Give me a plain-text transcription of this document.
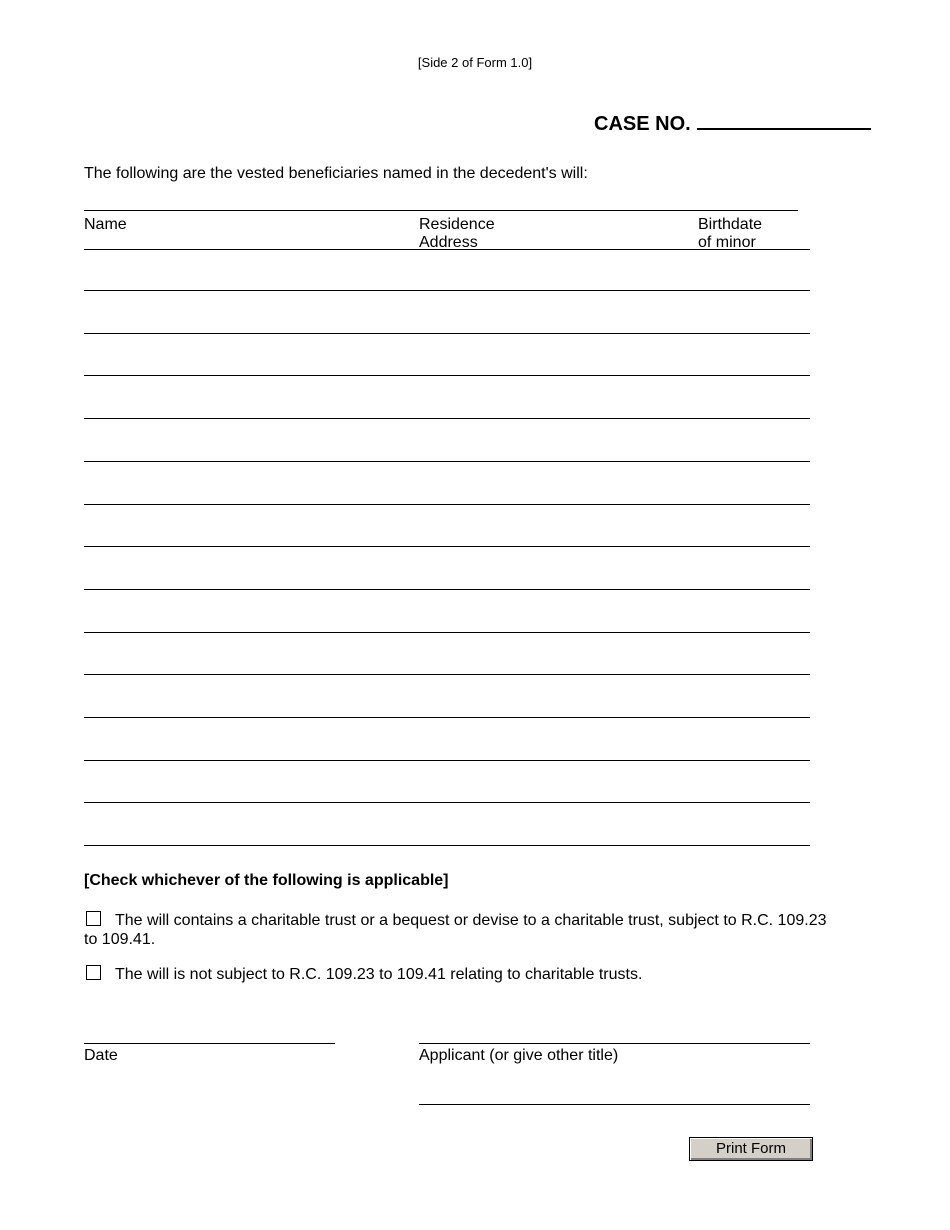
[Side 2 of Form 1.0]
CASE NO.
The following are the vested beneficiaries named in the decedent's will:
Name	Residence
Address
Birthdate
of minor
[Check whichever of the following is applicable]
The will contains a charitable trust or a bequest or devise to a charitable trust, subject to R.C. 109.23 to 109.41.
The will is not subject to R.C. 109.23 to 109.41 relating to charitable trusts.
Date	Applicant (or give other title)
Print Form
